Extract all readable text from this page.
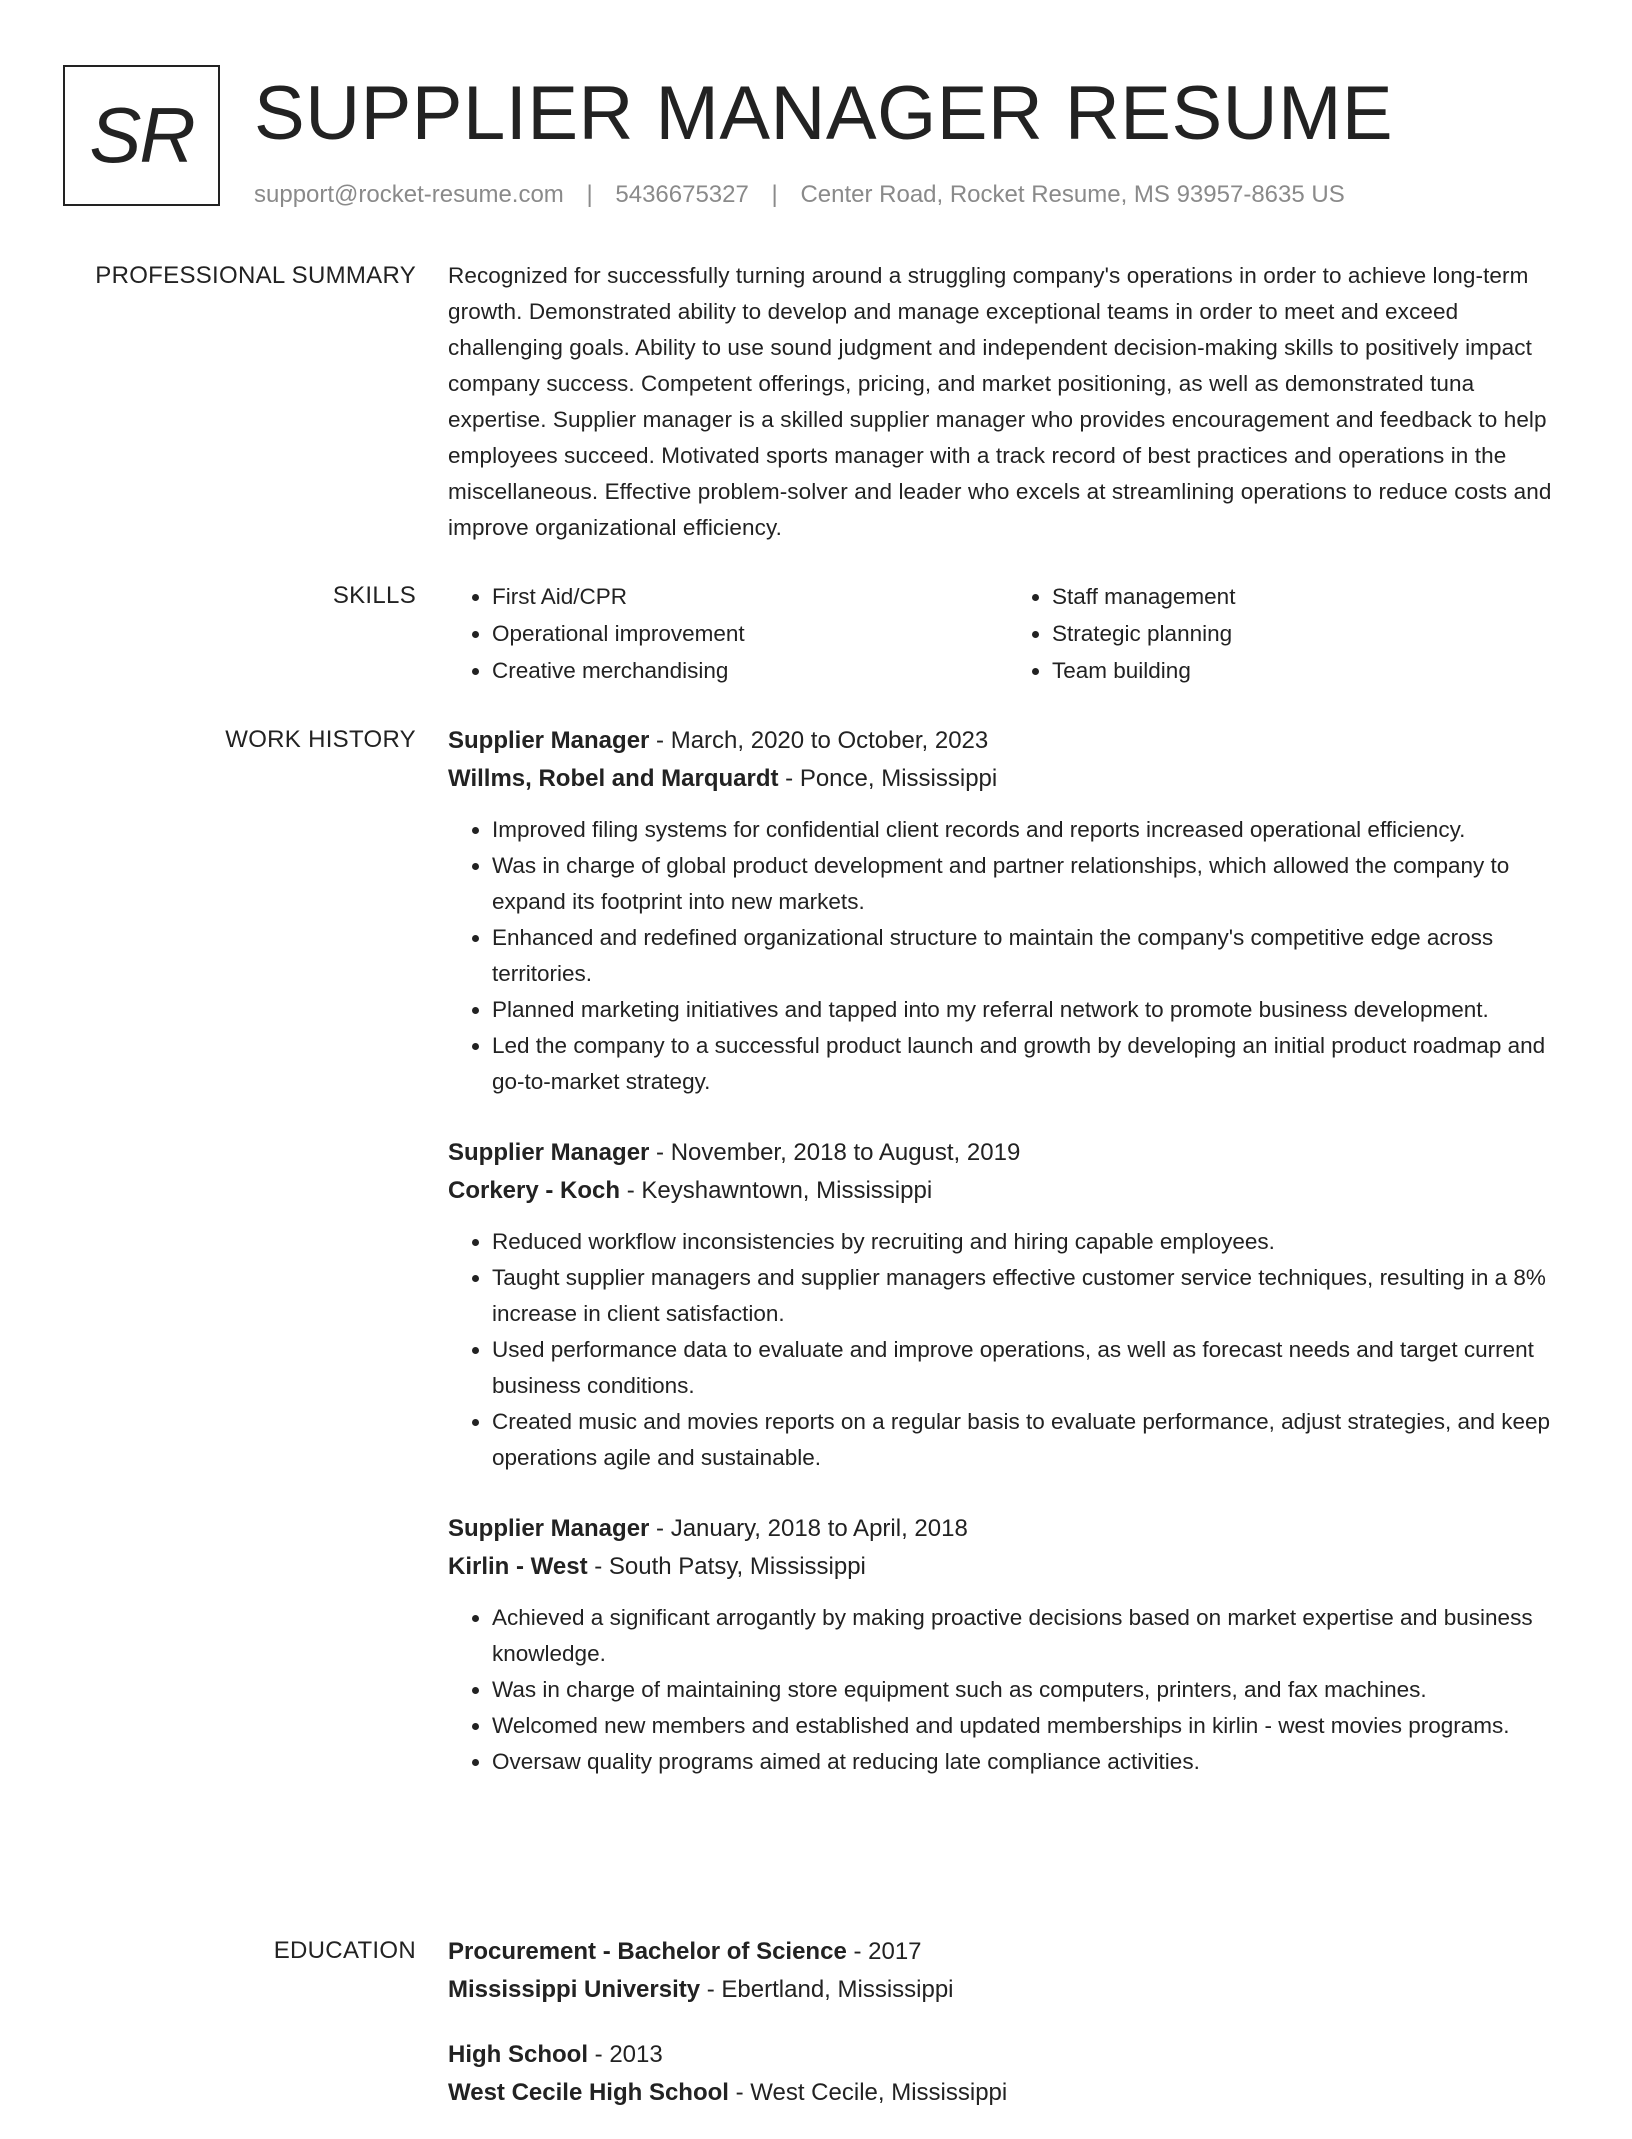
SR SUPPLIER MANAGER RESUME
support@rocket-resume.com | 5436675327 | Center Road, Rocket Resume, MS 93957-8635 US
PROFESSIONAL SUMMARY Recognized for successfully turning around a struggling company's operations in order to achieve long-term growth. Demonstrated ability to develop and manage exceptional teams in order to meet and exceed challenging goals. Ability to use sound judgment and independent decision-making skills to positively impact company success. Competent offerings, pricing, and market positioning, as well as demonstrated tuna expertise. Supplier manager is a skilled supplier manager who provides encouragement and feedback to help employees succeed. Motivated sports manager with a track record of best practices and operations in the miscellaneous. Effective problem-solver and leader who excels at streamlining operations to reduce costs and improve organizational efficiency.

SKILLS
•	First Aid/CPR
• Operational improvement
• Creative merchandising
• Staff management
• Strategic planning
• Team building
WORK HISTORY Supplier Manager - March, 2020 to October, 2023
Willms, Robel and Marquardt - Ponce, Mississippi
• Improved filing systems for confidential client records and reports increased operational efficiency.
• Was in charge of global product development and partner relationships, which allowed the company to expand its footprint into new markets.
• Enhanced and redefined organizational structure to maintain the company's competitive edge across territories.
• Planned marketing initiatives and tapped into my referral network to promote business development.
• Led the company to a successful product launch and growth by developing an initial product roadmap and go-to-market strategy.
Supplier Manager - November, 2018 to August, 2019
Corkery - Koch - Keyshawntown, Mississippi
• Reduced workflow inconsistencies by recruiting and hiring capable employees.
• Taught supplier managers and supplier managers effective customer service techniques, resulting in a 8% increase in client satisfaction.
• Used performance data to evaluate and improve operations, as well as forecast needs and target current business conditions.
• Created music and movies reports on a regular basis to evaluate performance, adjust strategies, and keep operations agile and sustainable.
Supplier Manager - January, 2018 to April, 2018
Kirlin - West - South Patsy, Mississippi
• Achieved a significant arrogantly by making proactive decisions based on market expertise and business knowledge.
• Was in charge of maintaining store equipment such as computers, printers, and fax machines.
• Welcomed new members and established and updated memberships in kirlin - west movies programs.
• Oversaw quality programs aimed at reducing late compliance activities.
EDUCATION Procurement - Bachelor of Science - 2017
Mississippi University - Ebertland, Mississippi
High School - 2013
West Cecile High School - West Cecile, Mississippi
